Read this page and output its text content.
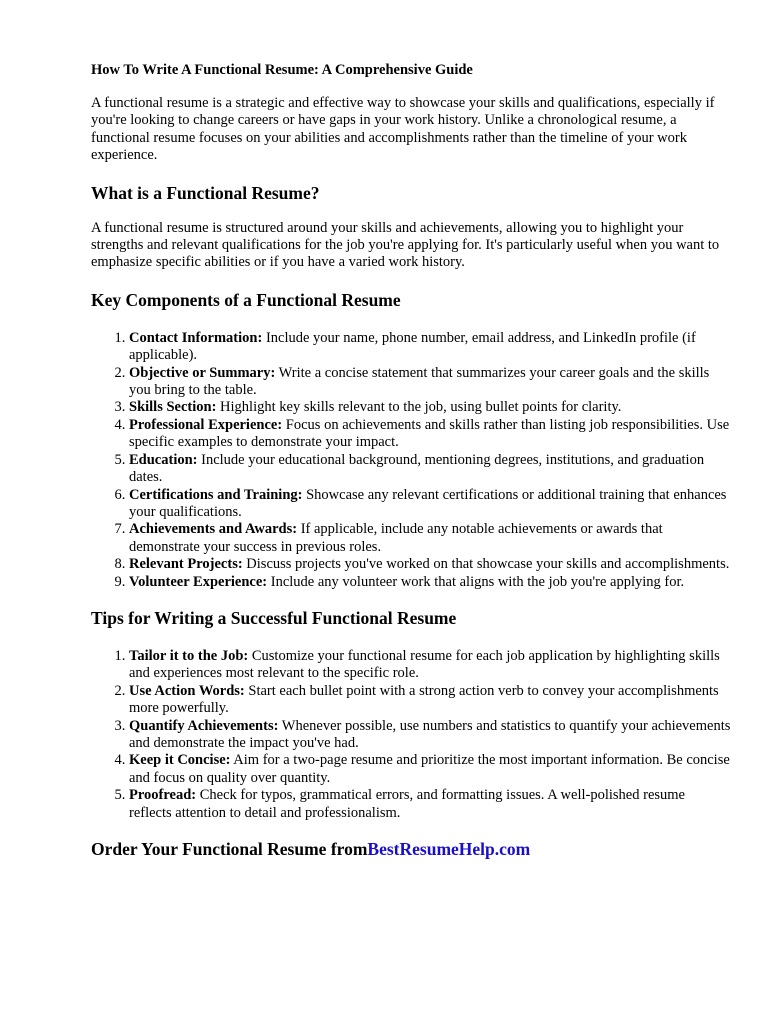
How To Write A Functional Resume: A Comprehensive Guide

A functional resume is a strategic and effective way to showcase your skills and qualifications, especially if you're looking to change careers or have gaps in your work history. Unlike a chronological resume, a functional resume focuses on your abilities and accomplishments rather than the timeline of your work experience.

What is a Functional Resume?

A functional resume is structured around your skills and achievements, allowing you to highlight your strengths and relevant qualifications for the job you're applying for. It's particularly useful when you want to emphasize specific abilities or if you have a varied work history.

Key Components of a Functional Resume
1. Contact Information: Include your name, phone number, email address, and LinkedIn profile (if applicable).
2. Objective or Summary: Write a concise statement that summarizes your career goals and the skills you bring to the table.
3. Skills Section: Highlight key skills relevant to the job, using bullet points for clarity.
4. Professional Experience: Focus on achievements and skills rather than listing job responsibilities. Use specific examples to demonstrate your impact.
5. Education: Include your educational background, mentioning degrees, institutions, and graduation dates.
6. Certifications and Training: Showcase any relevant certifications or additional training that enhances your qualifications.
7. Achievements and Awards: If applicable, include any notable achievements or awards that demonstrate your success in previous roles.
8. Relevant Projects: Discuss projects you've worked on that showcase your skills and accomplishments.
9. Volunteer Experience: Include any volunteer work that aligns with the job you're applying for.
Tips for Writing a Successful Functional Resume
1. Tailor it to the Job: Customize your functional resume for each job application by highlighting skills and experiences most relevant to the specific role.
2. Use Action Words: Start each bullet point with a strong action verb to convey your accomplishments more powerfully.
3. Quantify Achievements: Whenever possible, use numbers and statistics to quantify your achievements and demonstrate the impact you've had.
4. Keep it Concise: Aim for a two-page resume and prioritize the most important information. Be concise and focus on quality over quantity.
5. Proofread: Check for typos, grammatical errors, and formatting issues. A well-polished resume reflects attention to detail and professionalism.
Order Your Functional Resume fromBestResumeHelp.com
